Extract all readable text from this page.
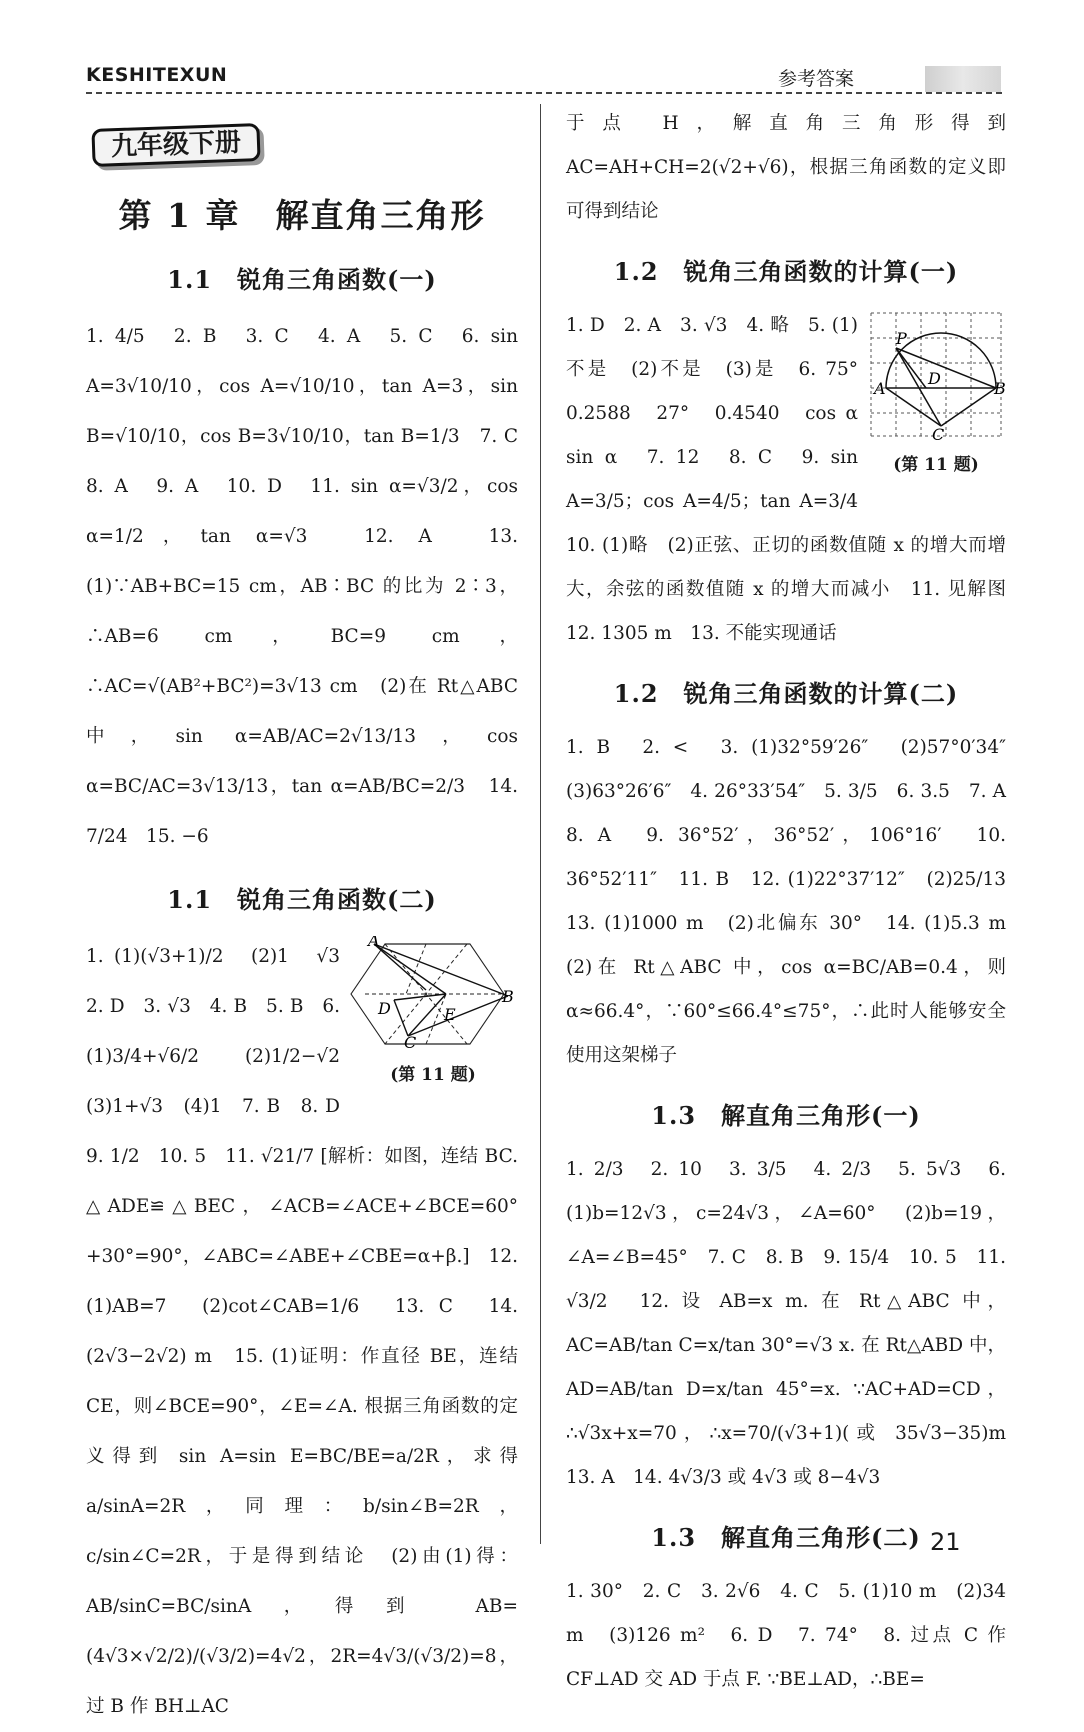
KESHITEXUN	参考答案
九年级下册
第 1 章　解直角三角形
1.1　锐角三角函数(一)
1. 4/5　2. B　3. C　4. A　5. C　6. sin A=3√10/10，cos A=√10/10，tan A=3，sin B=√10/10，cos B=3√10/10，tan B=1/3　7. C　8. A　9. A　10. D　11. sin α=√3/2，cos α=1/2，tan α=√3　12. A　13. (1)∵AB+BC=15 cm，AB∶BC 的比为 2∶3，∴AB=6 cm，BC=9 cm，∴AC=√(AB²+BC²)=3√13 cm　(2)在 Rt△ABC 中，sin α=AB/AC=2√13/13，cos α=BC/AC=3√13/13，tan α=AB/BC=2/3　14. 7/24　15. −6
1.1　锐角三角函数(二)
A
B
C
D	E
(第 11 题)
1. (1)(√3+1)/2　(2)1　√3　2. D　3. √3　4. B　5. B　6. (1)3/4+√6/2　(2)1/2−√2　(3)1+√3　(4)1　7. B　8. D　9. 1/2　10. 5　11. √21/7 [解析：如图，连结 BC. △ADE≌△BEC，∠ACB=∠ACE+∠BCE=60°+30°=90°，∠ABC=∠ABE+∠CBE=α+β.]　12. (1)AB=7　(2)cot∠CAB=1/6　13. C　14. (2√3−2√2) m　15. (1)证明：作直径 BE，连结 CE，则∠BCE=90°，∠E=∠A. 根据三角函数的定义得到 sin A=sin E=BC/BE=a/2R，求得 a/sinA=2R，同理：b/sin∠B=2R，c/sin∠C=2R，于是得到结论　(2)由(1)得：AB/sinC=BC/sinA，得到 AB=(4√3×√2/2)/(√3/2)=4√2，2R=4√3/(√3/2)=8，过 B 作 BH⊥AC
于点 H，解直角三角形得到 AC=AH+CH=2(√2+√6)，根据三角函数的定义即可得到结论
1.2　锐角三角函数的计算(一)
P
A
D
B
C
(第 11 题)
1. D　2. A　3. √3　4. 略　5. (1)不是　(2)不是　(3)是　6. 75°　0.2588　27°　0.4540　cos α　sin α　7. 12　8. C　9. sin A=3/5；cos A=4/5；tan A=3/4　10. (1)略　(2)正弦、正切的函数值随 x 的增大而增大，余弦的函数值随 x 的增大而减小　11. 见解图　12. 1305 m　13. 不能实现通话
1.2　锐角三角函数的计算(二)
1. B　2. <　3. (1)32°59′26″　(2)57°0′34″　(3)63°26′6″　4. 26°33′54″　5. 3/5　6. 3.5　7. A　8. A　9. 36°52′，36°52′，106°16′　10. 36°52′11″　11. B　12. (1)22°37′12″　(2)25/13　13. (1)1000 m　(2)北偏东 30°　14. (1)5.3 m　(2)在 Rt△ABC 中，cos α=BC/AB=0.4，则 α≈66.4°，∵60°≤66.4°≤75°，∴此时人能够安全使用这架梯子
1.3　解直角三角形(一)
1. 2/3　2. 10　3. 3/5　4. 2/3　5. 5√3　6. (1)b=12√3，c=24√3，∠A=60°　(2)b=19，∠A=∠B=45°　7. C　8. B　9. 15/4　10. 5　11. √3/2　12. 设 AB=x m. 在 Rt△ABC 中，AC=AB/tan C=x/tan 30°=√3 x. 在 Rt△ABD 中，AD=AB/tan D=x/tan 45°=x. ∵AC+AD=CD，∴√3x+x=70，∴x=70/(√3+1)(或 35√3−35)m　13. A　14. 4√3/3 或 4√3 或 8−4√3
1.3　解直角三角形(二)
1. 30°　2. C　3. 2√6　4. C　5. (1)10 m　(2)34 m　(3)126 m²　6. D　7. 74°　8. 过点 C 作 CF⊥AD 交 AD 于点 F. ∵BE⊥AD，∴BE=
21
